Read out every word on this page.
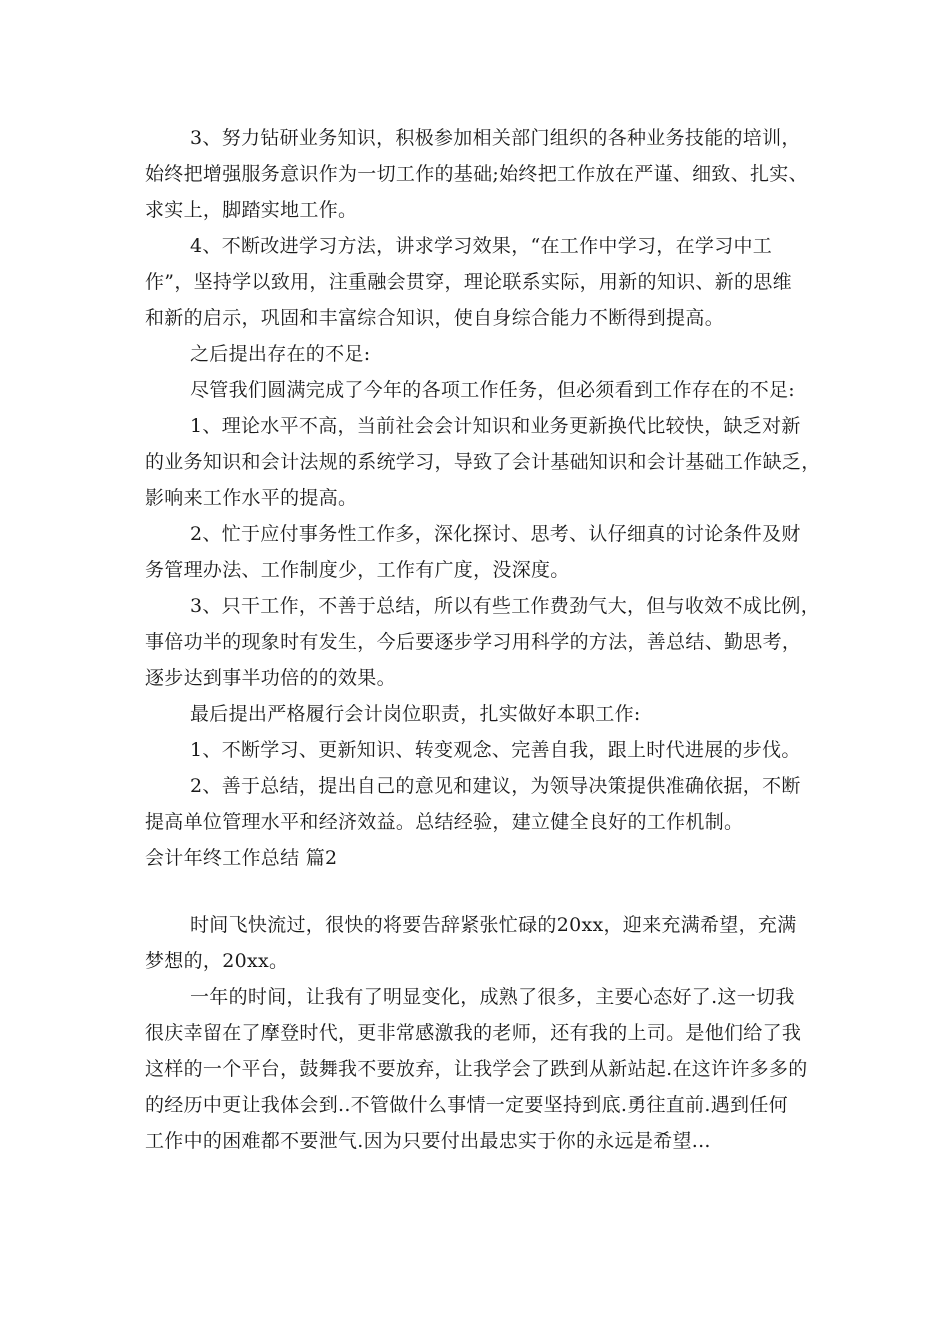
3、努力钻研业务知识，积极参加相关部门组织的各种业务技能的培训，
始终把增强服务意识作为一切工作的基础;始终把工作放在严谨、细致、扎实、
求实上，脚踏实地工作。
4、不断改进学习方法，讲求学习效果，“在工作中学习，在学习中工
作”，坚持学以致用，注重融会贯穿，理论联系实际，用新的知识、新的思维
和新的启示，巩固和丰富综合知识，使自身综合能力不断得到提高。
之后提出存在的不足:
尽管我们圆满完成了今年的各项工作任务，但必须看到工作存在的不足:
1、理论水平不高，当前社会会计知识和业务更新换代比较快，缺乏对新
的业务知识和会计法规的系统学习，导致了会计基础知识和会计基础工作缺乏，
影响来工作水平的提高。
2、忙于应付事务性工作多，深化探讨、思考、认仔细真的讨论条件及财
务管理办法、工作制度少，工作有广度，没深度。
3、只干工作，不善于总结，所以有些工作费劲气大，但与收效不成比例，
事倍功半的现象时有发生，今后要逐步学习用科学的方法，善总结、勤思考，
逐步达到事半功倍的的效果。
最后提出严格履行会计岗位职责，扎实做好本职工作:
1、不断学习、更新知识、转变观念、完善自我，跟上时代进展的步伐。
2、善于总结，提出自己的意见和建议，为领导决策提供准确依据，不断
提高单位管理水平和经济效益。总结经验，建立健全良好的工作机制。
会计年终工作总结 篇2
时间飞快流过，很快的将要告辞紧张忙碌的20xx，迎来充满希望，充满
梦想的，20xx。
一年的时间，让我有了明显变化，成熟了很多，主要心态好了.这一切我
很庆幸留在了摩登时代，更非常感激我的老师，还有我的上司。是他们给了我
这样的一个平台，鼓舞我不要放弃，让我学会了跌到从新站起.在这许许多多的
的经历中更让我体会到..不管做什么事情一定要坚持到底.勇往直前.遇到任何
工作中的困难都不要泄气.因为只要付出最忠实于你的永远是希望...
